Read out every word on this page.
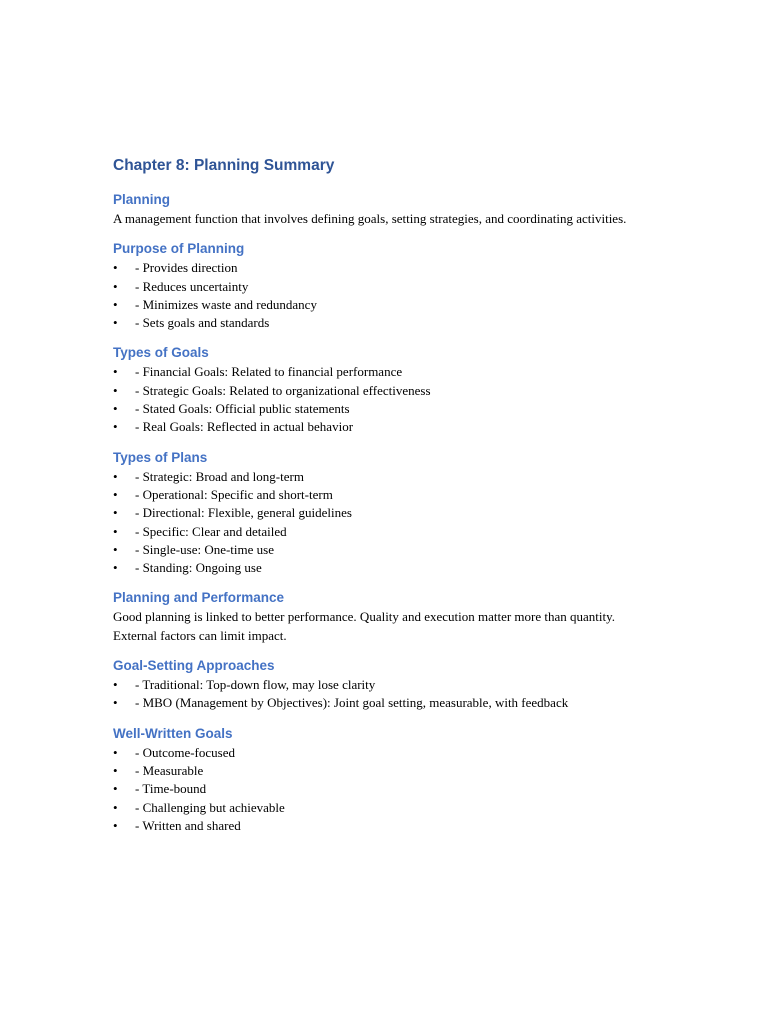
Chapter 8: Planning Summary
Planning

A management function that involves defining goals, setting strategies, and coordinating activities.

Purpose of Planning
• - Provides direction
• - Reduces uncertainty
• - Minimizes waste and redundancy
• - Sets goals and standards
Types of Goals
• - Financial Goals: Related to financial performance
• - Strategic Goals: Related to organizational effectiveness
• - Stated Goals: Official public statements
• - Real Goals: Reflected in actual behavior
Types of Plans
• - Strategic: Broad and long-term
• - Operational: Specific and short-term
• - Directional: Flexible, general guidelines
• - Specific: Clear and detailed
• - Single-use: One-time use
• - Standing: Ongoing use
Planning and Performance

Good planning is linked to better performance. Quality and execution matter more than quantity. External factors can limit impact.

Goal-Setting Approaches
• - Traditional: Top-down flow, may lose clarity
• - MBO (Management by Objectives): Joint goal setting, measurable, with feedback
Well-Written Goals
• - Outcome-focused
• - Measurable
• - Time-bound
• - Challenging but achievable
• - Written and shared
